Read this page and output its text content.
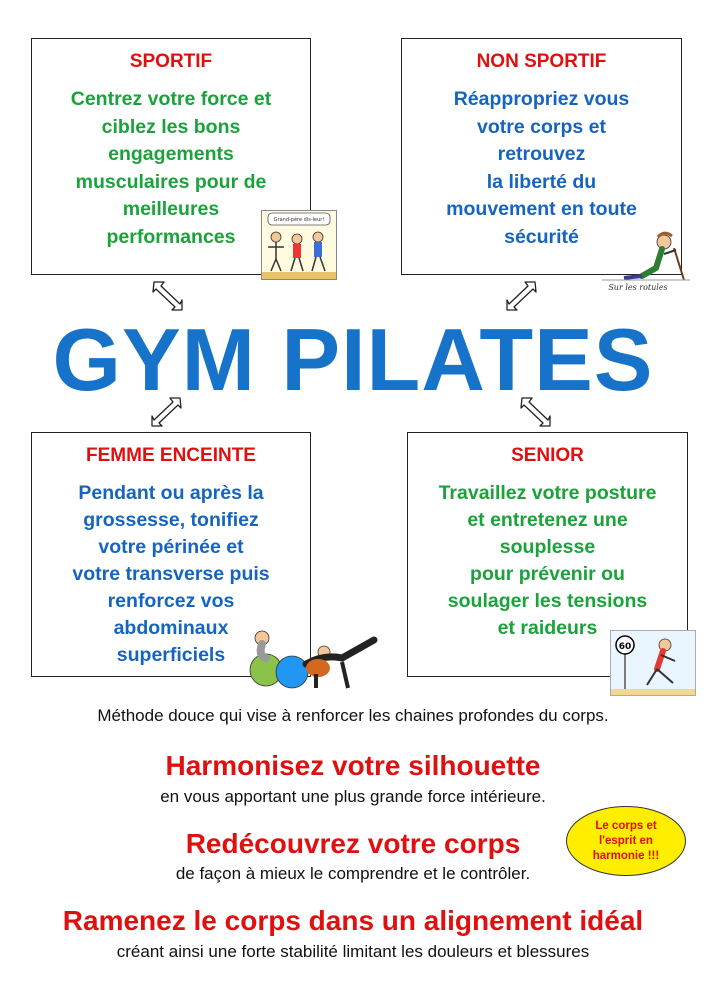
SPORTIF
Centrez votre force et
ciblez les bons
engagements
musculaires pour de
meilleures
performances
NON SPORTIF
Réappropriez vous
votre corps et
retrouvez
la liberté du
mouvement en toute
sécurité
FEMME ENCEINTE
Pendant ou après la
grossesse, tonifiez
votre périnée et
votre transverse puis
renforcez vos
abdominaux
superficiels
SENIOR
Travaillez votre posture
et entretenez une
souplesse
pour prévenir ou
soulager les tensions
et raideurs
Grand-père dis-leur!
Sur les rotules
60
GYM PILATES
Méthode douce qui vise à renforcer les chaines profondes du corps.
Harmonisez votre silhouette
en vous apportant une plus grande force intérieure.
Redécouvrez votre corps
de façon à mieux le comprendre et le contrôler.
Ramenez le corps dans un alignement idéal
créant ainsi une forte stabilité limitant les douleurs et blessures
Le corps et
l'esprit en
harmonie !!!
